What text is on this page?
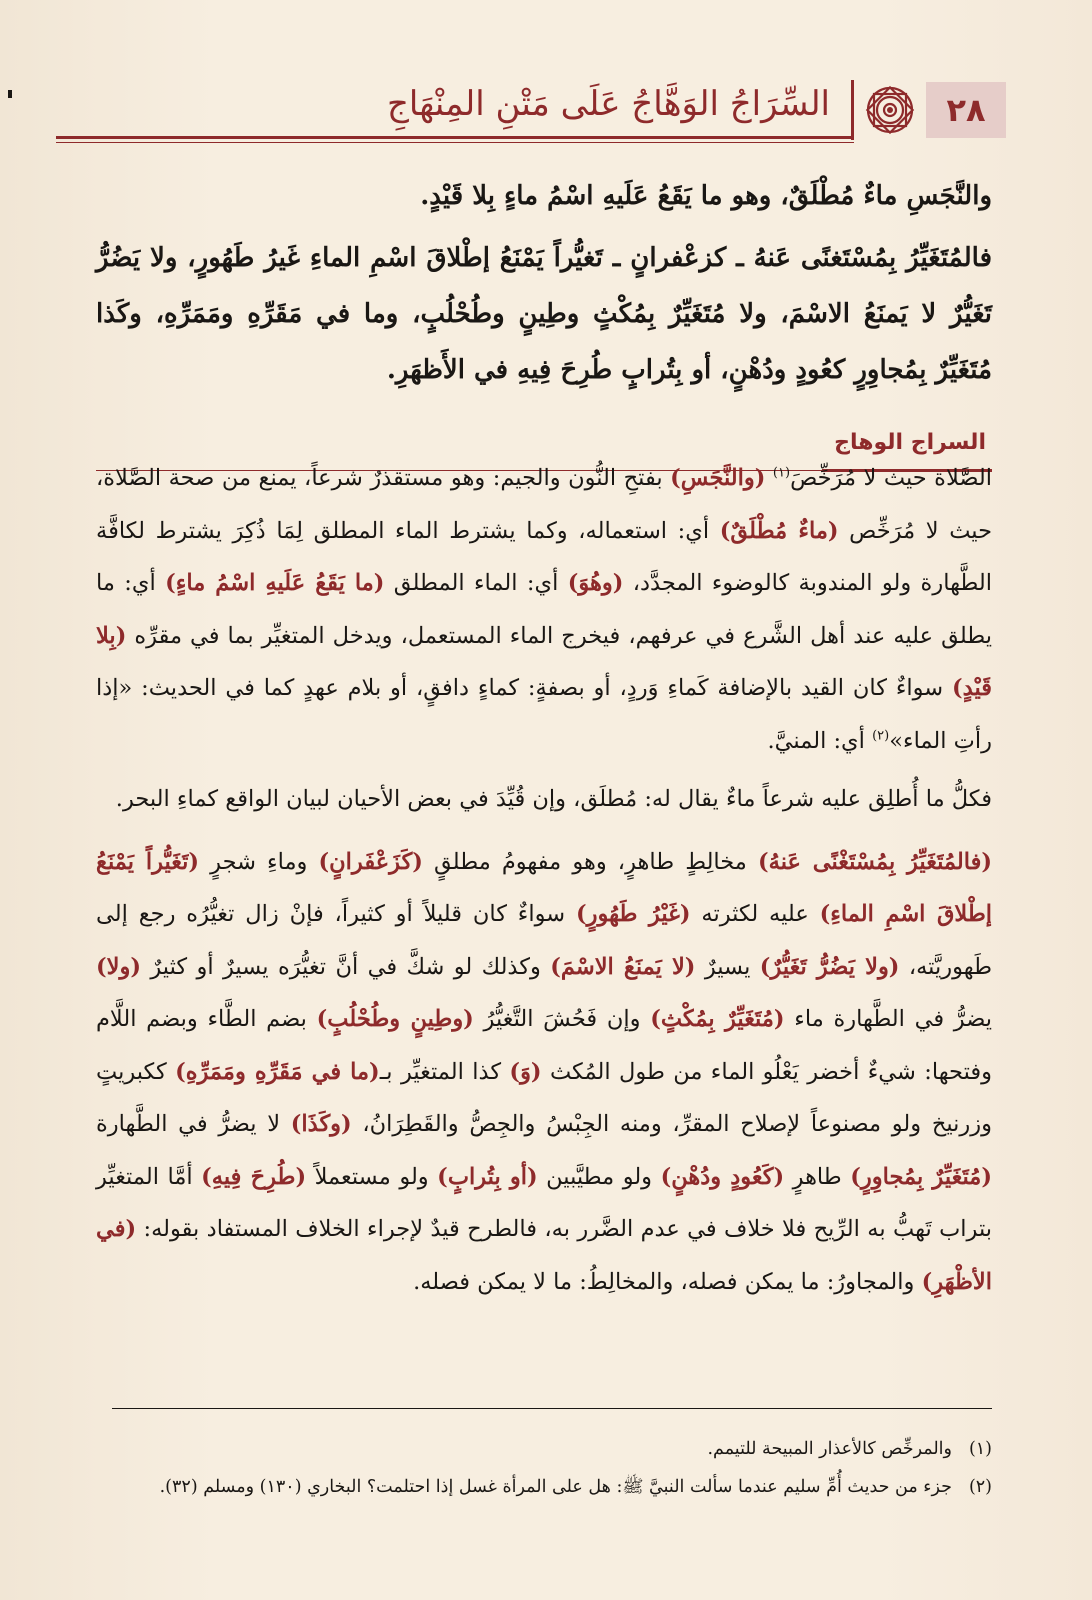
٢٨
السِّرَاجُ الوَهَّاجُ عَلَى مَتْنِ المِنْهَاجِ

والنَّجَسِ ماءٌ مُطْلَقٌ، وهو ما يَقَعُ عَلَيهِ اسْمُ ماءٍ بِلا قَيْدٍ.

فالمُتَغَيِّرُ بِمُسْتَغنًى عَنهُ ـ كزعْفرانٍ ـ تَغيُّراً يَمْنَعُ إطْلاقَ اسْمِ الماءِ غَيرُ طَهُورٍ، ولا يَضُرُّ تَغَيُّرٌ لا يَمنَعُ الاسْمَ، ولا مُتَغَيِّرٌ بِمُكْثٍ وطِينٍ وطُحْلُبٍ، وما في مَقَرِّهِ ومَمَرِّهِ، وكَذا مُتَغَيِّرٌ بِمُجاوِرٍ كعُودٍ ودُهْنٍ، أو بِتُرابٍ طُرِحَ فِيهِ في الأَظهَرِ.

السراج الوهاج

الصَّلاة حيث لا مُرَخِّصَ$^{(١)}$ (والنَّجَسِ) بفتحِ النُّون والجيم: وهو مستقذرٌ شرعاً، يمنع من صحة الصَّلاة، حيث لا مُرَخِّص (ماءٌ مُطْلَقٌ) أي: استعماله، وكما يشترط الماء المطلق لِمَا ذُكِرَ يشترط لكافَّة الطَّهارة ولو المندوبة كالوضوء المجدَّد، (وهُوَ) أي: الماء المطلق (ما يَقَعُ عَلَيهِ اسْمُ ماءٍ) أي: ما يطلق عليه عند أهل الشَّرع في عرفهم، فيخرج الماء المستعمل، ويدخل المتغيِّر بما في مقرِّه (بِلا قَيْدٍ) سواءٌ كان القيد بالإضافة كَماءِ وَردٍ، أو بصفةٍ: كماءٍ دافقٍ، أو بلام عهدٍ كما في الحديث: «إذا رأتِ الماء»$^{(٢)}$ أي: المنيَّ.

فكلُّ ما أُطلِق عليه شرعاً ماءٌ يقال له: مُطلَق، وإن قُيِّدَ في بعض الأحيان لبيان الواقع كماءِ البحر.

(فالمُتَغَيِّرُ بِمُسْتَغْنًى عَنهُ) مخالِطٍ طاهرٍ، وهو مفهومُ مطلقٍ (كَزَعْفَرانٍ) وماءِ شجرٍ (تَغَيُّراً يَمْنَعُ إطْلاقَ اسْمِ الماءِ) عليه لكثرته (غَيْرُ طَهُورٍ) سواءٌ كان قليلاً أو كثيراً، فإنْ زال تغيُّرُه رجع إلى طَهوريَّته، (ولا يَضُرُّ تَغَيُّرٌ) يسيرٌ (لا يَمنَعُ الاسْمَ) وكذلك لو شكَّ في أنَّ تغيُّرَه يسيرٌ أو كثيرٌ (ولا) يضرُّ في الطَّهارة ماء (مُتَغَيِّرٌ بِمُكْثٍ) وإن فَحُشَ التَّغيُّرُ (وطِينٍ وطُحْلُبٍ) بضم الطَّاء وبضم اللَّام وفتحها: شيءٌ أخضر يَعْلُو الماء من طول المُكث (وَ) كذا المتغيِّر بـ(ما في مَقَرِّهِ ومَمَرِّهِ) ككبريتٍ وزرنيخ ولو مصنوعاً لإصلاح المقرِّ، ومنه الجِبْسُ والجِصُّ والقَطِرَانُ، (وكَذَا) لا يضرُّ في الطَّهارة (مُتَغَيِّرٌ بِمُجاوِرٍ) طاهرٍ (كَعُودٍ ودُهْنٍ) ولو مطيَّبين (أو بِتُرابٍ) ولو مستعملاً (طُرِحَ فِيهِ) أمَّا المتغيِّر بتراب تَهبُّ به الرِّيح فلا خلاف في عدم الضَّرر به، فالطرح قيدٌ لإجراء الخلاف المستفاد بقوله: (في الأظْهَرِ) والمجاورُ: ما يمكن فصله، والمخالِطُ: ما لا يمكن فصله.

(١)والمرخِّص كالأعذار المبيحة للتيمم.
(٢)جزء من حديث أُمِّ سليم عندما سألت النبيَّ ﷺ: هل على المرأة غسل إذا احتلمت؟ البخاري (١٣٠) ومسلم (٣٢).
